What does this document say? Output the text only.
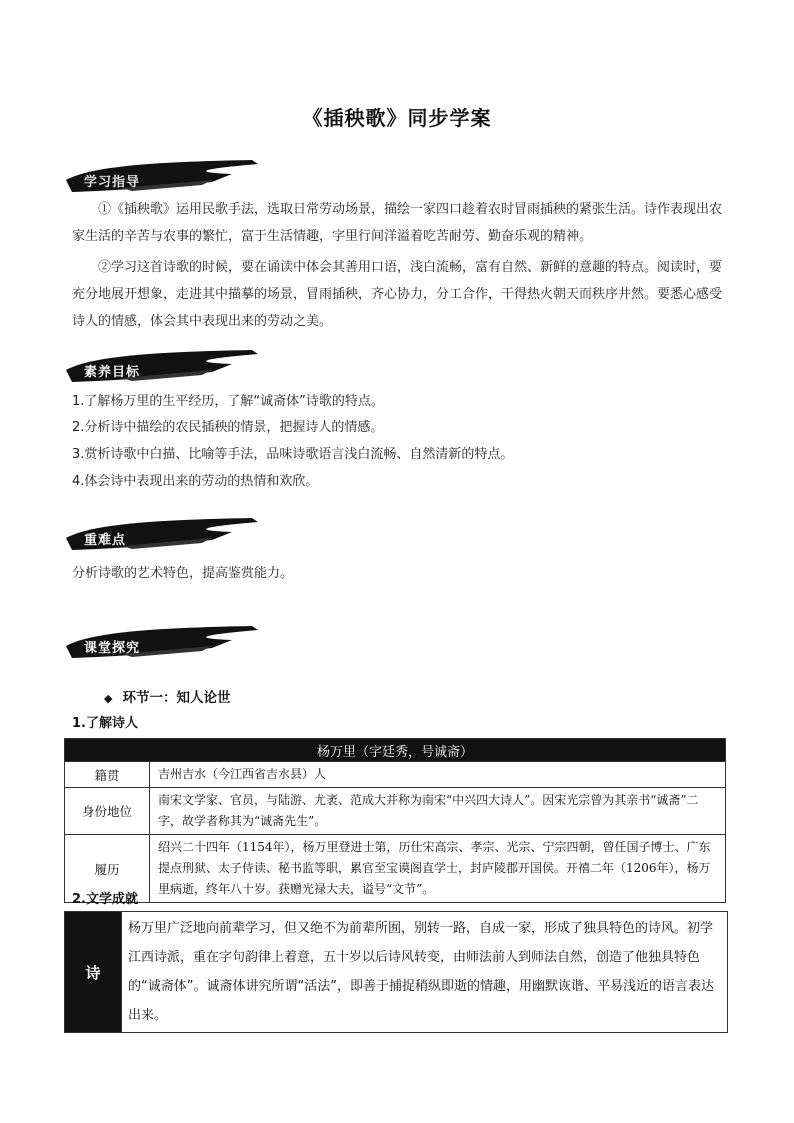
《插秧歌》同步学案
学习指导
①《插秧歌》运用民歌手法，选取日常劳动场景，描绘一家四口趁着农时冒雨插秧的紧张生活。诗作表现出农家生活的辛苦与农事的繁忙，富于生活情趣，字里行间洋溢着吃苦耐劳、勤奋乐观的精神。
②学习这首诗歌的时候，要在诵读中体会其善用口语，浅白流畅，富有自然、新鲜的意趣的特点。阅读时，要充分地展开想象，走进其中描摹的场景，冒雨插秧，齐心协力，分工合作，干得热火朝天而秩序井然。要悉心感受诗人的情感，体会其中表现出来的劳动之美。
素养目标
1.了解杨万里的生平经历，了解“诚斋体”诗歌的特点。
2.分析诗中描绘的农民插秧的情景，把握诗人的情感。
3.赏析诗歌中白描、比喻等手法，品味诗歌语言浅白流畅、自然清新的特点。
4.体会诗中表现出来的劳动的热情和欢欣。
重难点
分析诗歌的艺术特色，提高鉴赏能力。
课堂探究
◆ 环节一：知人论世
1.了解诗人
杨万里（字廷秀，号诚斋）	
籍贯	吉州吉水（今江西省吉水县）人
身份地位	南宋文学家、官员，与陆游、尤袤、范成大并称为南宋“中兴四大诗人”。因宋光宗曾为其亲书“诚斋”二字，故学者称其为“诚斋先生”。
履历	绍兴二十四年（1154年），杨万里登进士第，历仕宋高宗、孝宗、光宗、宁宗四朝，曾任国子博士、广东提点刑狱、太子侍读、秘书监等职，累官至宝谟阁直学士，封庐陵郡开国侯。开禧二年（1206年），杨万里病逝，终年八十岁。获赠光禄大夫，谥号“文节”。
2.文学成就
诗	杨万里广泛地向前辈学习，但又绝不为前辈所囿，别转一路，自成一家，形成了独具特色的诗风。初学江西诗派，重在字句韵律上着意，五十岁以后诗风转变，由师法前人到师法自然，创造了他独具特色的“诚斋体”。诚斋体讲究所谓“活法”，即善于捕捉稍纵即逝的情趣，用幽默诙谐、平易浅近的语言表达出来。
